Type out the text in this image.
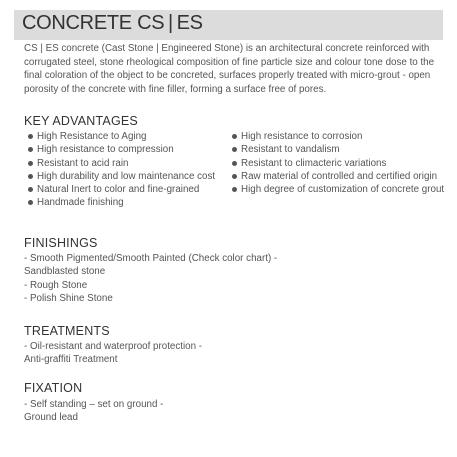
CONCRETE CS | ES
CS | ES concrete (Cast Stone | Engineered Stone) is an architectural concrete reinforced with corrugated steel, stone rheological composition of fine particle size and colour tone dose to the final coloration of the object to be concreted, surfaces properly treated with micro-grout - open porosity of the concrete with fine filler, forming a surface free of pores.
KEY ADVANTAGES
High Resistance to Aging
High resistance to compression
Resistant to acid rain
High durability and low maintenance cost
Natural Inert to color and fine-grained
Handmade finishing
High resistance to corrosion
Resistant to vandalism
Resistant to climacteric variations
Raw material of controlled and certified origin
High degree of customization of concrete grout
FINISHINGS
- Smooth Pigmented/Smooth Painted (Check color chart) -
Sandblasted stone
- Rough Stone
- Polish Shine Stone
TREATMENTS
- Oil-resistant and waterproof protection -
Anti-graffiti Treatment
FIXATION
- Self standing – set on ground -
Ground lead
